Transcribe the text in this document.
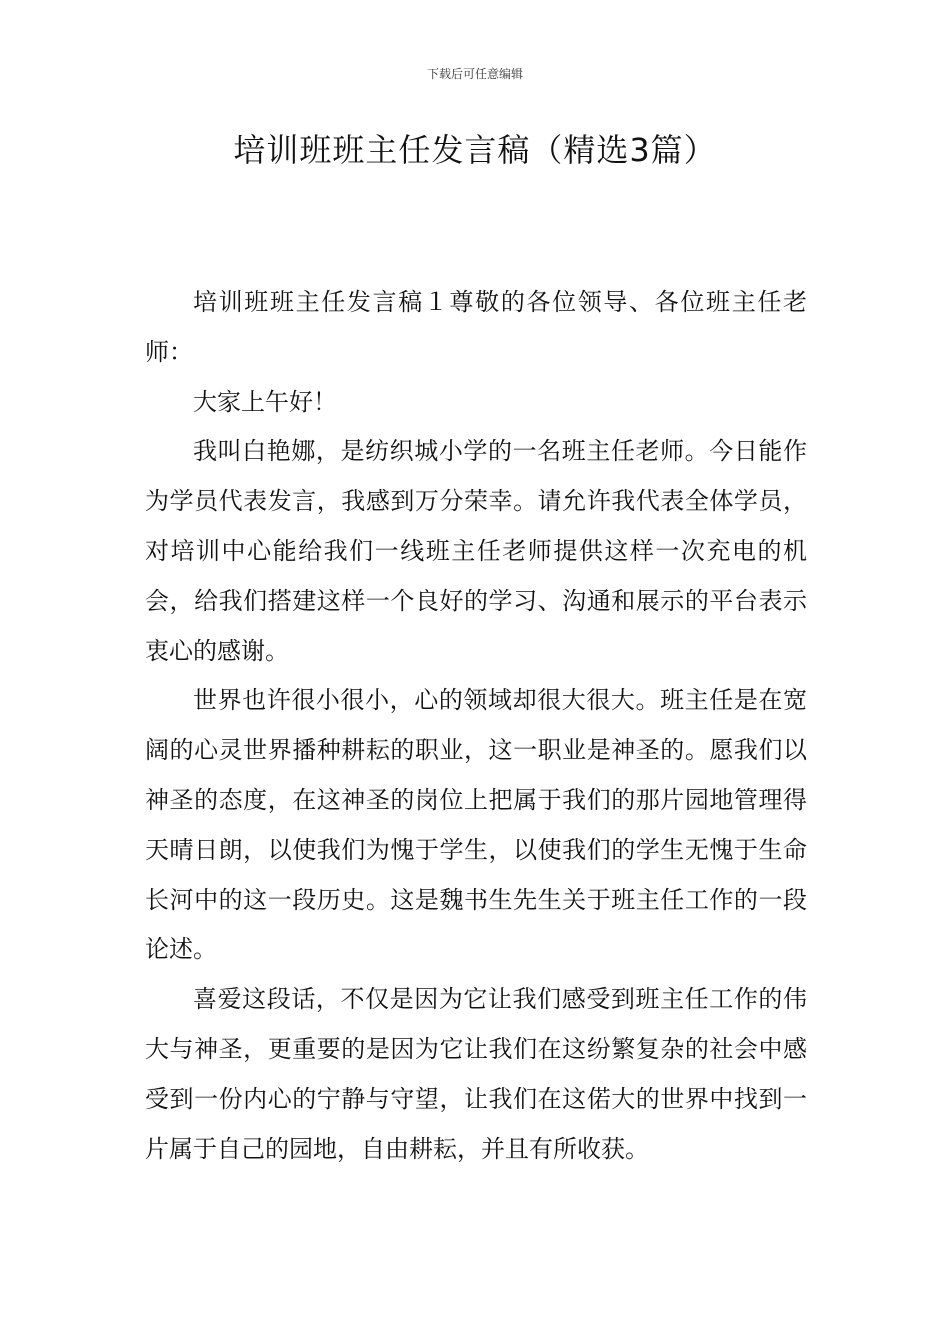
下载后可任意编辑
培训班班主任发言稿（精选3篇）

培训班班主任发言稿１尊敬的各位领导、各位班主任老师：

大家上午好！

我叫白艳娜，是纺织城小学的一名班主任老师。今日能作为学员代表发言，我感到万分荣幸。请允许我代表全体学员，对培训中心能给我们一线班主任老师提供这样一次充电的机会，给我们搭建这样一个良好的学习、沟通和展示的平台表示衷心的感谢。

世界也许很小很小，心的领域却很大很大。班主任是在宽阔的心灵世界播种耕耘的职业，这一职业是神圣的。愿我们以神圣的态度，在这神圣的岗位上把属于我们的那片园地管理得天晴日朗，以使我们为愧于学生，以使我们的学生无愧于生命长河中的这一段历史。这是魏书生先生关于班主任工作的一段论述。

喜爱这段话，不仅是因为它让我们感受到班主任工作的伟大与神圣，更重要的是因为它让我们在这纷繁复杂的社会中感受到一份内心的宁静与守望，让我们在这偌大的世界中找到一片属于自己的园地，自由耕耘，并且有所收获。
